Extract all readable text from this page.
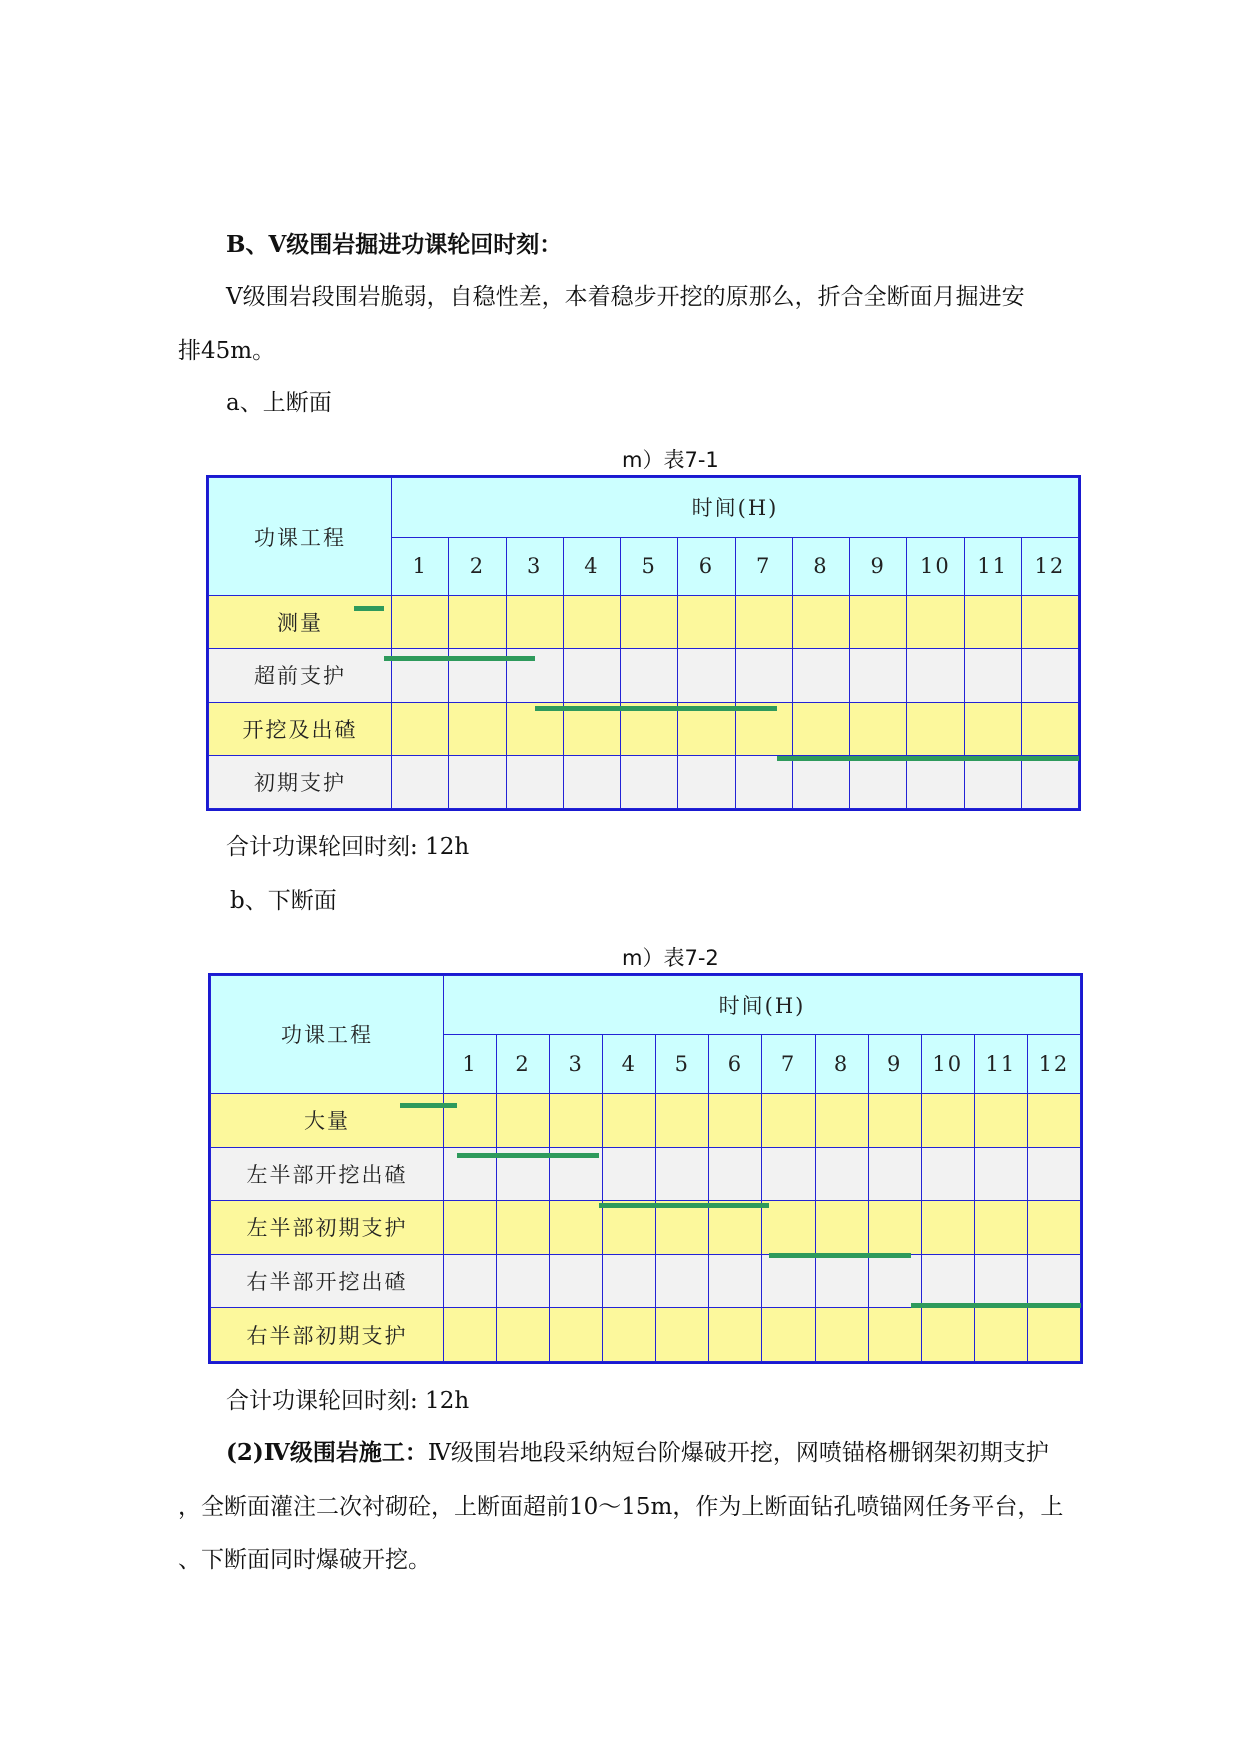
B、Ⅴ级围岩掘进功课轮回时刻：
Ⅴ级围岩段围岩脆弱，自稳性差，本着稳步开挖的原那么，折合全断面月掘进安
排45m。
a、上断面
m）表7-1
功课工程	时间(H)											
	1	2	3	4	5	6	7	8	9	10	11	12
测量												
超前支护												
开挖及出碴												
初期支护												
合计功课轮回时刻: 12h
b、下断面
m）表7-2
功课工程	时间(H)											
	1	2	3	4	5	6	7	8	9	10	11	12
大量												
左半部开挖出碴												
左半部初期支护												
右半部开挖出碴												
右半部初期支护												
合计功课轮回时刻: 12h
(2)Ⅳ级围岩施工：Ⅳ级围岩地段采纳短台阶爆破开挖，网喷锚格栅钢架初期支护
，全断面灌注二次衬砌砼，上断面超前10～15m，作为上断面钻孔喷锚网任务平台，上
、下断面同时爆破开挖。
